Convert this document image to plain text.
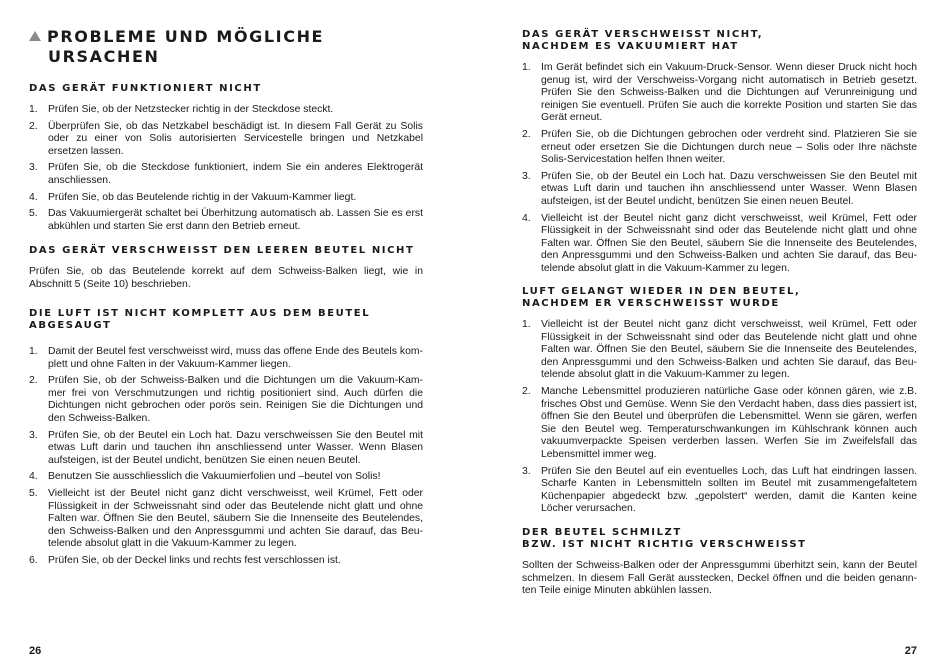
PROBLEME UND MÖGLICHE
URSACHEN
DAS GERÄT FUNKTIONIERT NICHT
1. Prüfen Sie, ob der Netzstecker richtig in der Steckdose steckt.
2. Überprüfen Sie, ob das Netzkabel beschädigt ist. In diesem Fall Gerät zu Solis oder zu einer von Solis autorisierten Servicestelle bringen und Netzkabel ersetzen lassen.
3. Prüfen Sie, ob die Steckdose funktioniert, indem Sie ein anderes Elektrogerät anschliessen.
4. Prüfen Sie, ob das Beutelende richtig in der Vakuum-Kammer liegt.
5. Das Vakuumiergerät schaltet bei Überhitzung automatisch ab. Lassen Sie es erst abkühlen und starten Sie erst dann den Betrieb erneut.
DAS GERÄT VERSCHWEISST DEN LEEREN BEUTEL NICHT

Prüfen Sie, ob das Beutelende korrekt auf dem Schweiss-Balken liegt, wie in Abschnitt 5 (Seite 10) beschrieben.

DIE LUFT IST NICHT KOMPLETT AUS DEM BEUTEL
ABGESAUGT
1. Damit der Beutel fest verschweisst wird, muss das offene Ende des Beutels kom-plett und ohne Falten in der Vakuum-Kammer liegen.
2. Prüfen Sie, ob der Schweiss-Balken und die Dichtungen um die Vakuum-Kam-mer frei von Verschmutzungen und richtig positioniert sind. Auch dürfen die Dichtungen nicht gebrochen oder porös sein. Reinigen Sie die Dichtungen und den Schweiss-Balken.
3. Prüfen Sie, ob der Beutel ein Loch hat. Dazu verschweissen Sie den Beutel mit etwas Luft darin und tauchen ihn anschliessend unter Wasser. Wenn Blasen aufsteigen, ist der Beutel undicht, benützen Sie einen neuen Beutel.
4. Benutzen Sie ausschliesslich die Vakuumierfolien und –beutel von Solis!
5. Vielleicht ist der Beutel nicht ganz dicht verschweisst, weil Krümel, Fett oder Flüssigkeit in der Schweissnaht sind oder das Beutelende nicht glatt und ohne Falten war. Öffnen Sie den Beutel, säubern Sie die Innenseite des Beutelendes, den Schweiss-Balken und den Anpressgummi und achten Sie darauf, das Beu-telende absolut glatt in die Vakuum-Kammer zu legen.
6. Prüfen Sie, ob der Deckel links und rechts fest verschlossen ist.
26
DAS GERÄT VERSCHWEISST NICHT,
NACHDEM ES VAKUUMIERT HAT
1. Im Gerät befindet sich ein Vakuum-Druck-Sensor. Wenn dieser Druck nicht hoch genug ist, wird der Verschweiss-Vorgang nicht automatisch in Betrieb gesetzt. Prüfen Sie den Schweiss-Balken und die Dichtungen auf Verunreinigung und reinigen Sie eventuell. Prüfen Sie auch die korrekte Position und starten Sie das Gerät erneut.
2. Prüfen Sie, ob die Dichtungen gebrochen oder verdreht sind. Platzieren Sie sie erneut oder ersetzen Sie die Dichtungen durch neue – Solis oder Ihre nächste Solis-Servicestation helfen Ihnen weiter.
3. Prüfen Sie, ob der Beutel ein Loch hat. Dazu verschweissen Sie den Beutel mit etwas Luft darin und tauchen ihn anschliessend unter Wasser. Wenn Blasen aufsteigen, ist der Beutel undicht, benützen Sie einen neuen Beutel.
4. Vielleicht ist der Beutel nicht ganz dicht verschweisst, weil Krümel, Fett oder Flüssigkeit in der Schweissnaht sind oder das Beutelende nicht glatt und ohne Falten war. Öffnen Sie den Beutel, säubern Sie die Innenseite des Beutelendes, den Anpressgummi und den Schweiss-Balken und achten Sie darauf, das Beu-telende absolut glatt in die Vakuum-Kammer zu legen.
LUFT GELANGT WIEDER IN DEN BEUTEL,
NACHDEM ER VERSCHWEISST WURDE
1. Vielleicht ist der Beutel nicht ganz dicht verschweisst, weil Krümel, Fett oder Flüssigkeit in der Schweissnaht sind oder das Beutelende nicht glatt und ohne Falten war. Öffnen Sie den Beutel, säubern Sie die Innenseite des Beutelendes, den Anpressgummi und den Schweiss-Balken und achten Sie darauf, das Beu-telende absolut glatt in die Vakuum-Kammer zu legen.
2. Manche Lebensmittel produzieren natürliche Gase oder können gären, wie z.B. frisches Obst und Gemüse. Wenn Sie den Verdacht haben, dass dies passiert ist, öffnen Sie den Beutel und überprüfen die Lebensmittel. Wenn sie gären, werfen Sie den Beutel weg. Temperaturschwankungen im Kühlschrank können auch vakuumverpackte Speisen verderben lassen. Werfen Sie im Zweifelsfall das Lebensmittel immer weg.
3. Prüfen Sie den Beutel auf ein eventuelles Loch, das Luft hat eindringen lassen. Scharfe Kanten in Lebensmitteln sollten im Beutel mit zusammengefaltetem Küchenpapier abgedeckt bzw. „gepolstert“ werden, damit die Kanten keine Löcher verursachen.
DER BEUTEL SCHMILZT
BZW. IST NICHT RICHTIG VERSCHWEISST

Sollten der Schweiss-Balken oder der Anpressgummi überhitzt sein, kann der Beutel schmelzen. In diesem Fall Gerät ausstecken, Deckel öffnen und die beiden genann-ten Teile einige Minuten abkühlen lassen.

27
